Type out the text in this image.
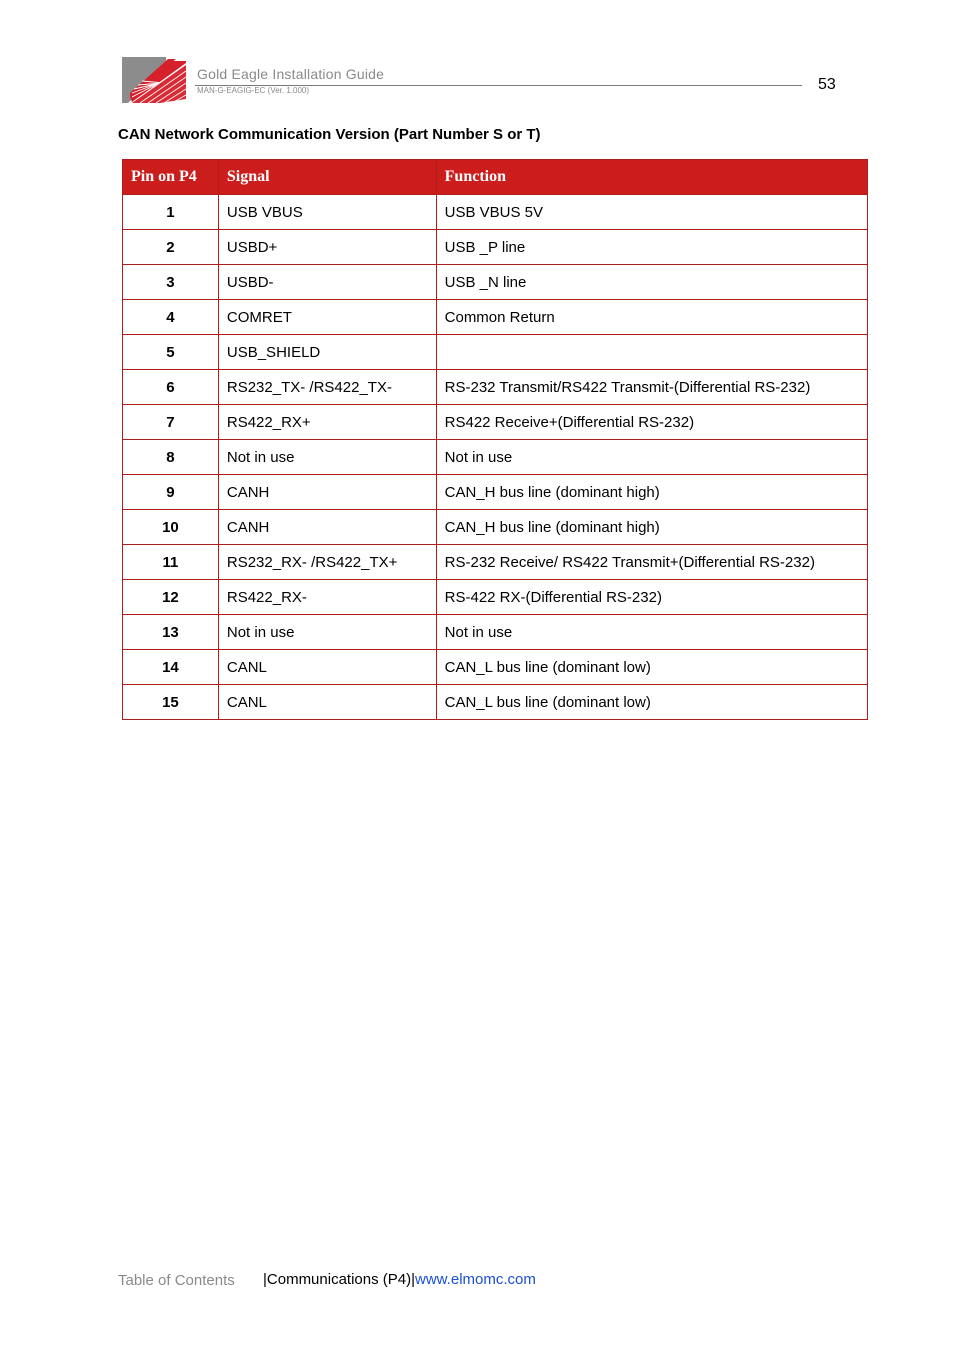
Gold Eagle Installation Guide
MAN-G-EAGIG-EC (Ver. 1.000)	53
CAN Network Communication Version (Part Number S or T)
Pin on P4	Signal	Function
1	USB VBUS	USB VBUS 5V
2	USBD+	USB _P line
3	USBD-	USB _N line
4	COMRET	Common Return
5	USB_SHIELD	
6	RS232_TX- /RS422_TX-	RS-232 Transmit/RS422 Transmit-(Differential RS-232)
7	RS422_RX+	RS422 Receive+(Differential RS-232)
8	Not in use	Not in use
9	CANH	CAN_H bus line (dominant high)
10	CANH	CAN_H bus line (dominant high)
11	RS232_RX- /RS422_TX+	RS-232 Receive/ RS422 Transmit+(Differential RS-232)
12	RS422_RX-	RS-422 RX-(Differential RS-232)
13	Not in use	Not in use
14	CANL	CAN_L bus line (dominant low)
15	CANL	CAN_L bus line (dominant low)
Table of Contents |Communications (P4)|www.elmomc.com
